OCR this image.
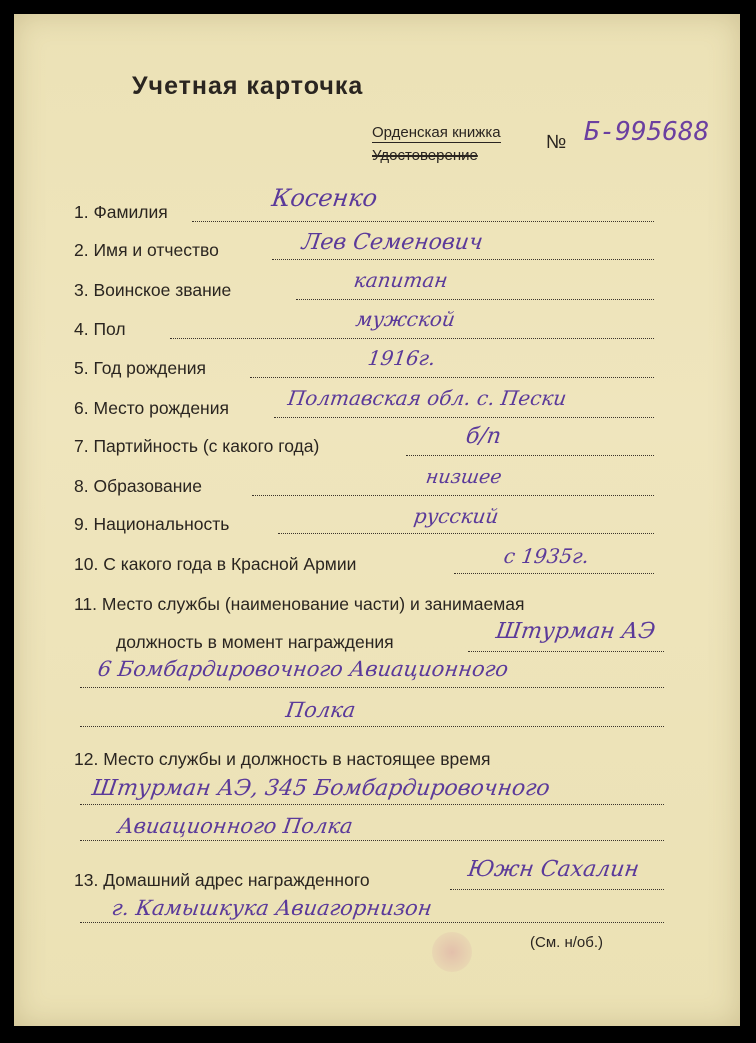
Учетная карточка
Орденская книжка
Удостоверение
№ Б-995688
1. Фамилия	Косенко
2. Имя и отчество	Лев Семенович
3. Воинское звание	капитан
4. Пол	мужской
5. Год рождения	1916г.
6. Место рождения	Полтавская обл. с. Пески
7. Партийность (с какого года)	б/п
8. Образование	низшее
9. Национальность	русский
10. С какого года в Красной Армии	с 1935г.
11. Место службы (наименование части) и занимаемая
должность в момент награждения	Штурман АЭ
6 Бомбардировочного Авиационного
Полка
12. Место службы и должность в настоящее время
Штурман АЭ, 345 Бомбардировочного
Авиационного Полка
13. Домашний адрес награжденного	Южн Сахалин
г. Камышкука Авиагорнизон
(См. н/об.)
